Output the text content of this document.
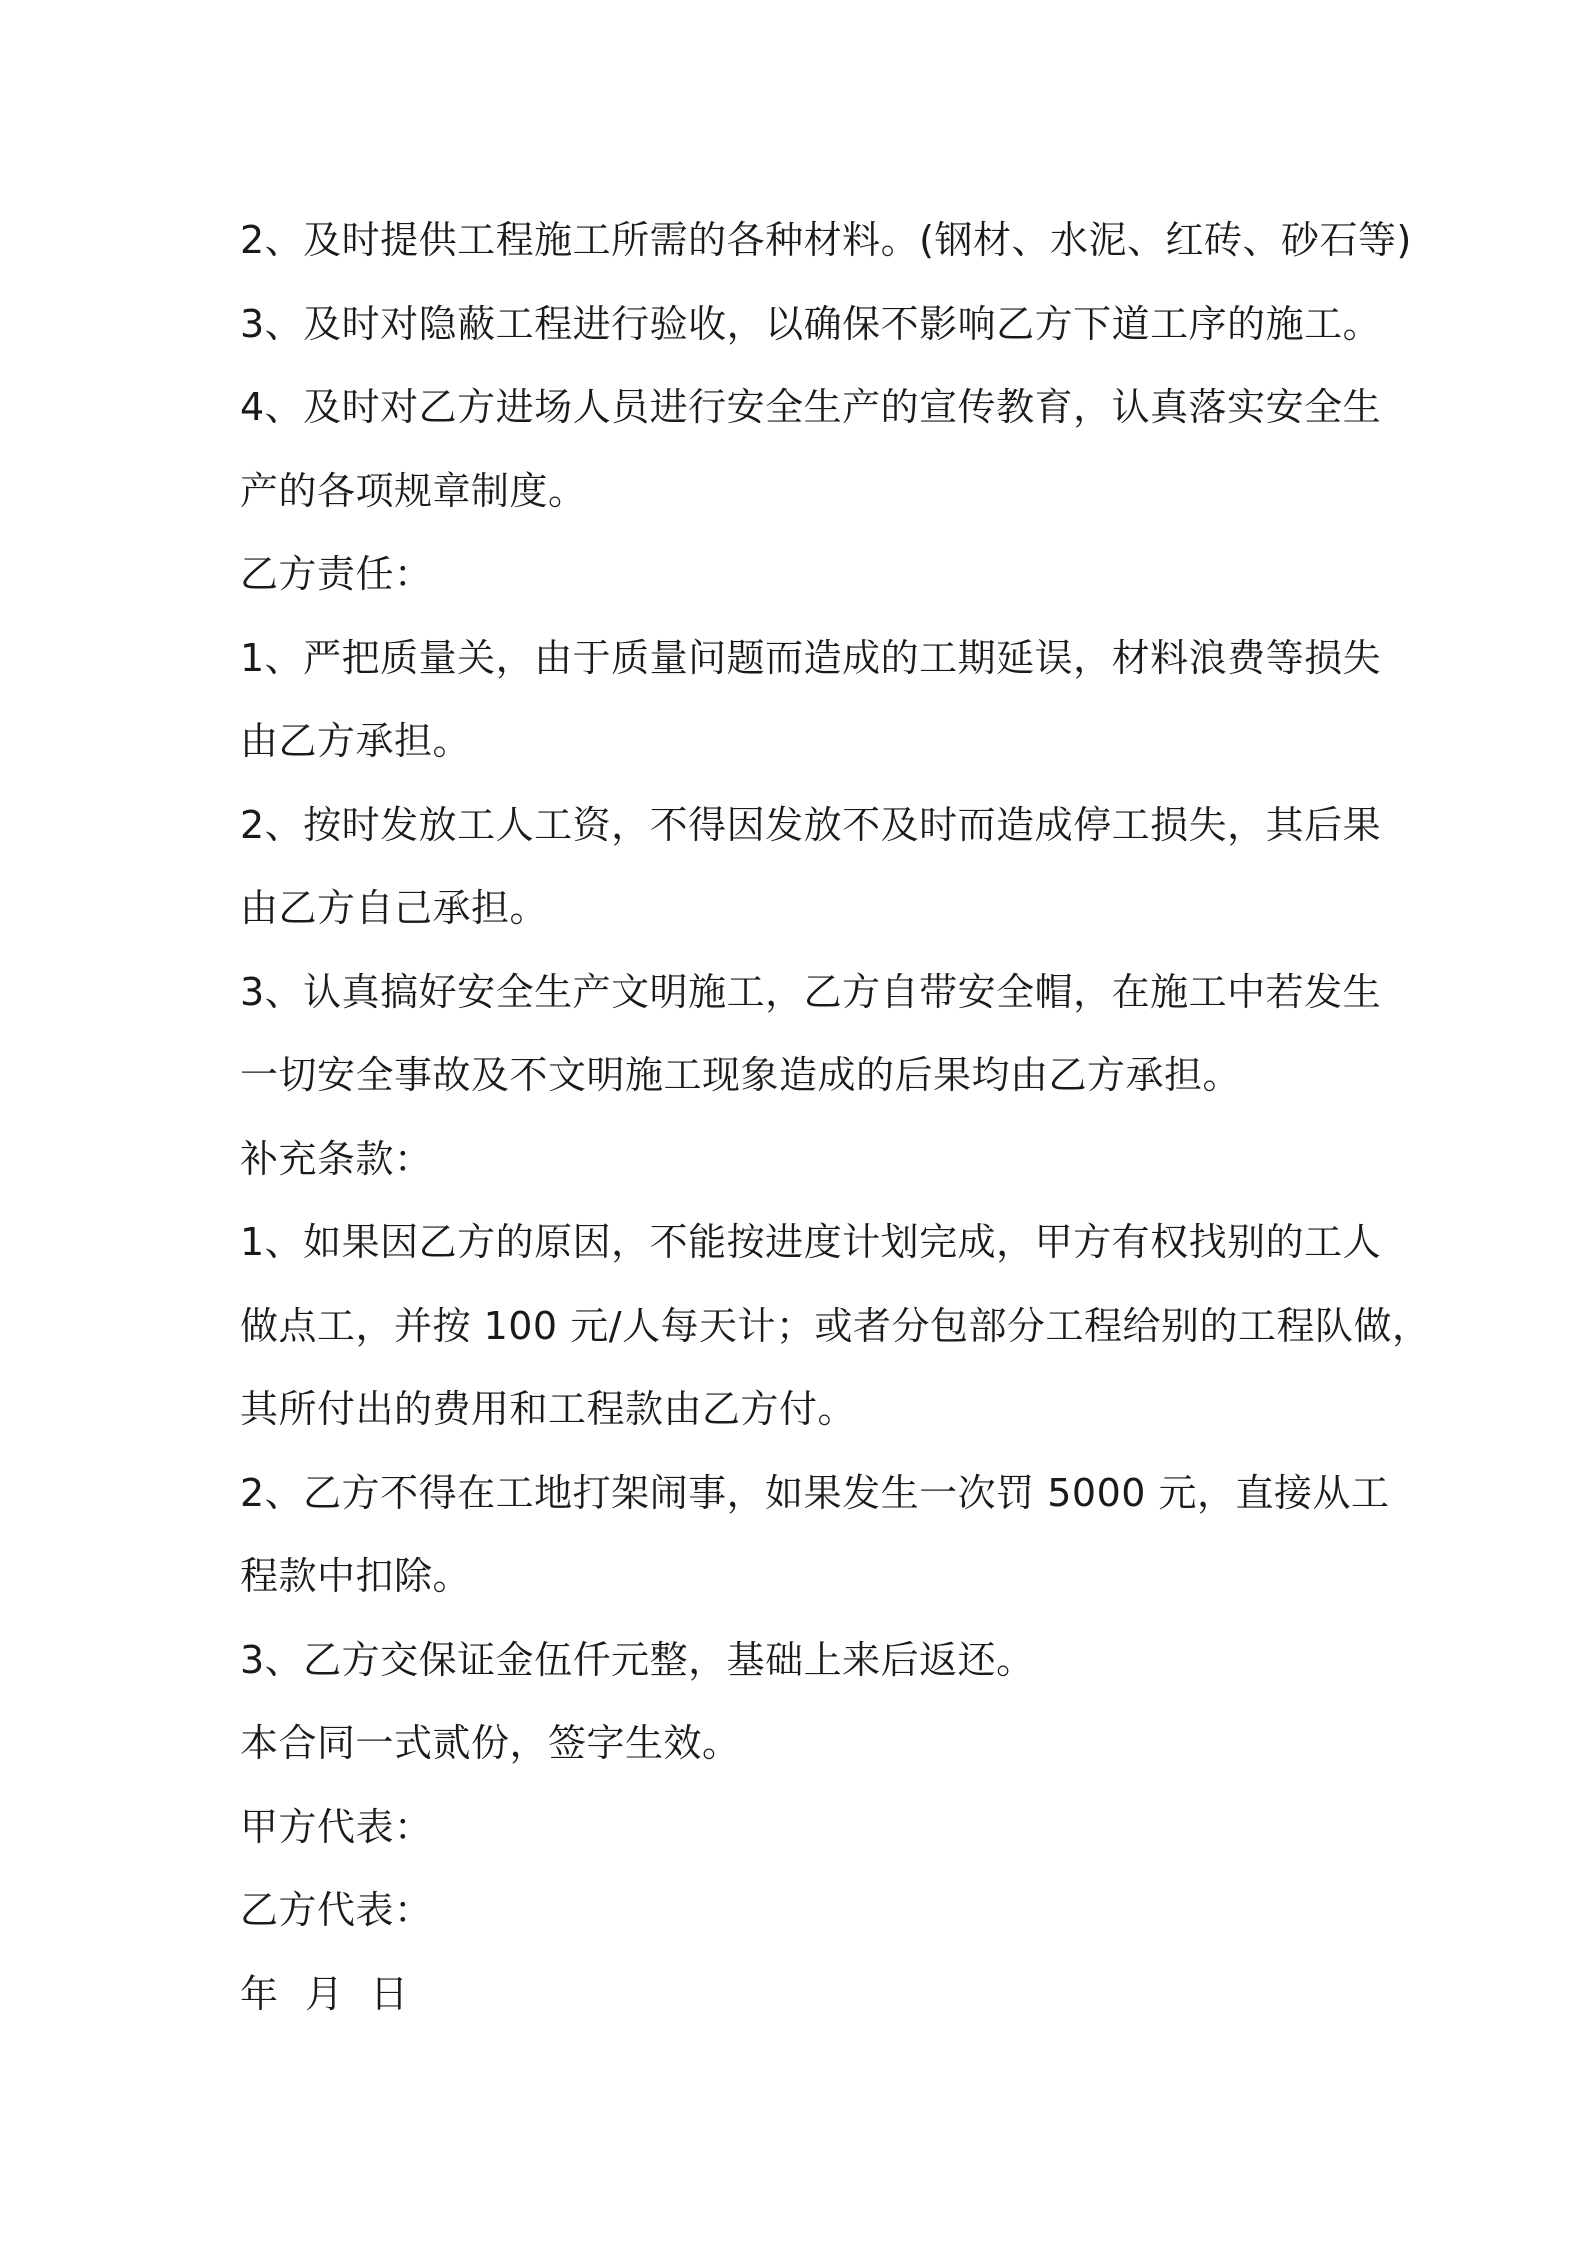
2、及时提供工程施工所需的各种材料。(钢材、水泥、红砖、砂石等)
3、及时对隐蔽工程进行验收，以确保不影响乙方下道工序的施工。
4、及时对乙方进场人员进行安全生产的宣传教育，认真落实安全生
产的各项规章制度。
乙方责任：
1、严把质量关，由于质量问题而造成的工期延误，材料浪费等损失
由乙方承担。
2、按时发放工人工资，不得因发放不及时而造成停工损失，其后果
由乙方自己承担。
3、认真搞好安全生产文明施工，乙方自带安全帽，在施工中若发生
一切安全事故及不文明施工现象造成的后果均由乙方承担。
补充条款：
1、如果因乙方的原因，不能按进度计划完成，甲方有权找别的工人
做点工，并按 100 元/人每天计；或者分包部分工程给别的工程队做，
其所付出的费用和工程款由乙方付。
2、乙方不得在工地打架闹事，如果发生一次罚 5000 元，直接从工
程款中扣除。
3、乙方交保证金伍仟元整，基础上来后返还。
本合同一式贰份，签字生效。
甲方代表：
乙方代表：
年 月 日
